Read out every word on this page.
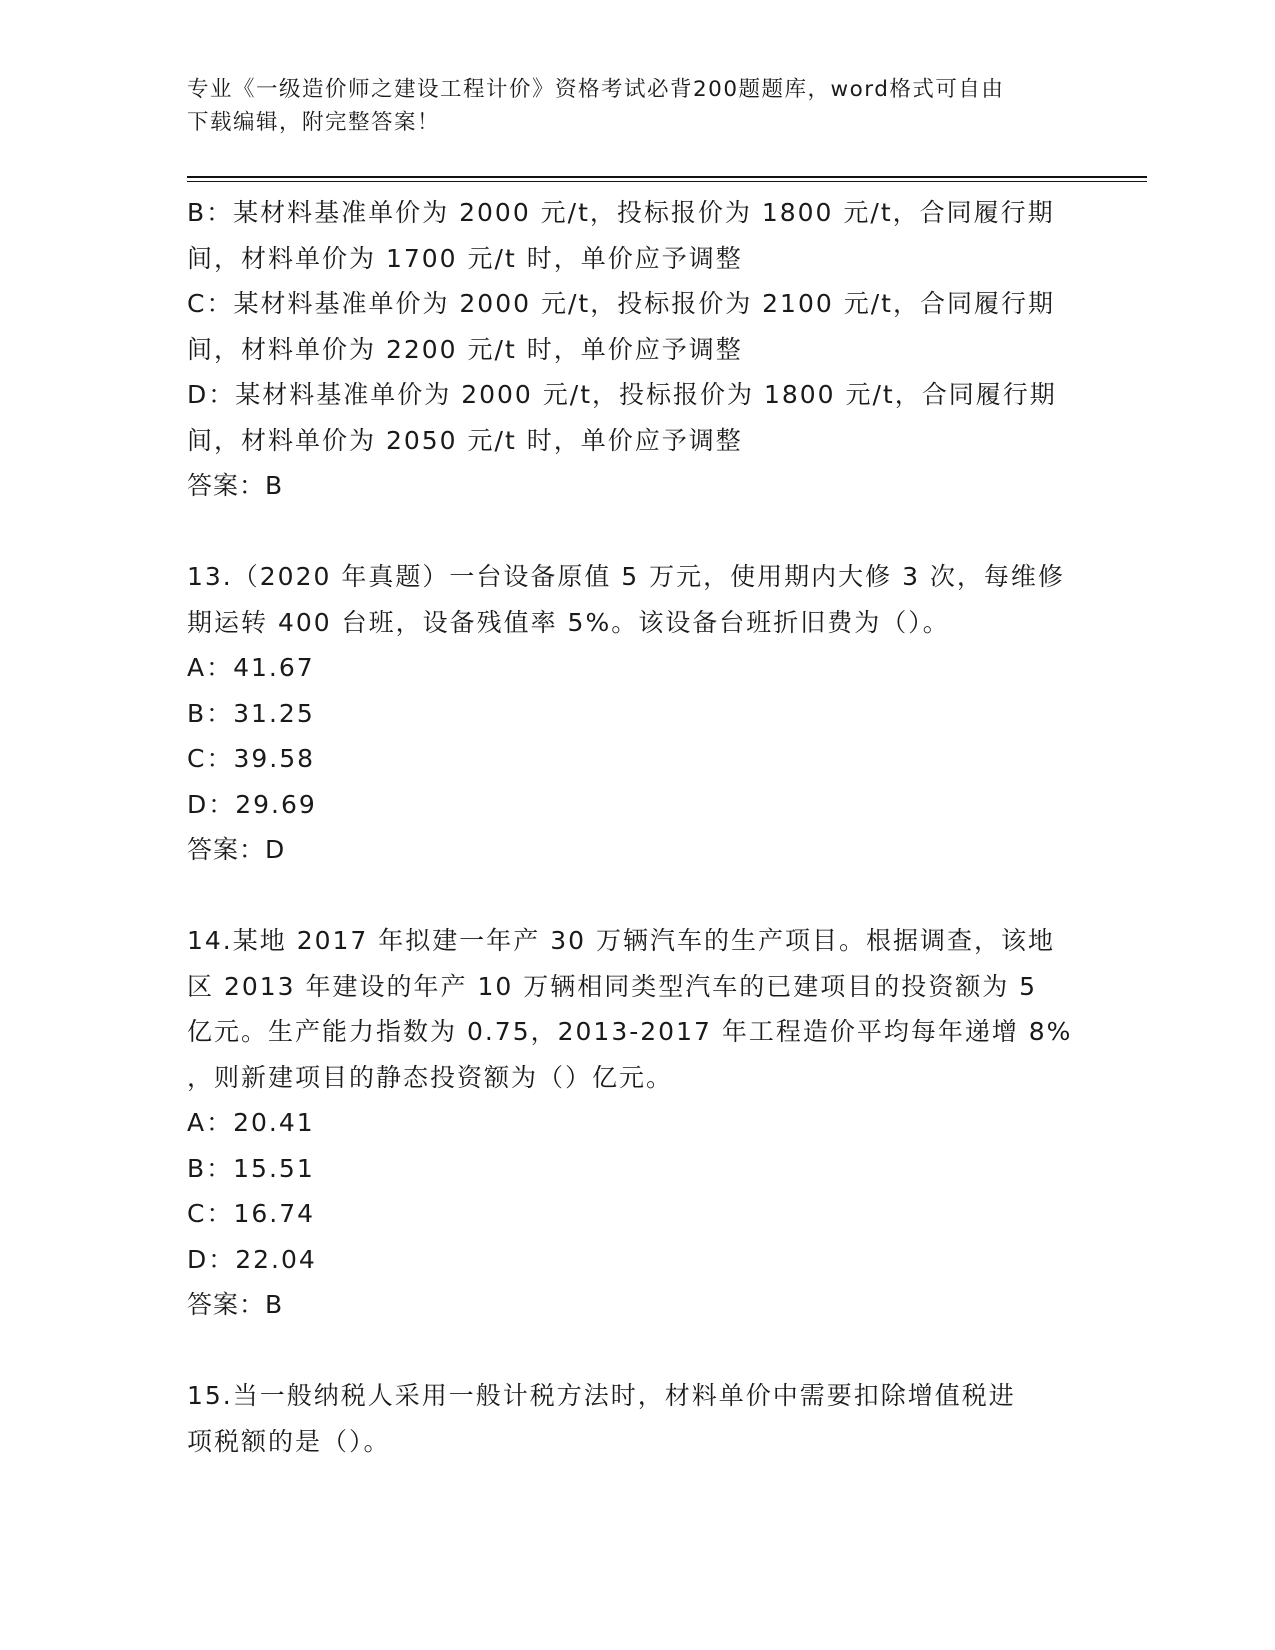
专业《一级造价师之建设工程计价》资格考试必背200题题库，word格式可自由
下载编辑，附完整答案！
B：某材料基准单价为 2000 元/t，投标报价为 1800 元/t，合同履行期
间，材料单价为 1700 元/t 时，单价应予调整
C：某材料基准单价为 2000 元/t，投标报价为 2100 元/t，合同履行期
间，材料单价为 2200 元/t 时，单价应予调整
D：某材料基准单价为 2000 元/t，投标报价为 1800 元/t，合同履行期
间，材料单价为 2050 元/t 时，单价应予调整
答案：B
13.（2020 年真题）一台设备原值 5 万元，使用期内大修 3 次，每维修
期运转 400 台班，设备残值率 5%。该设备台班折旧费为（）。
A：41.67
B：31.25
C：39.58
D：29.69
答案：D
14.某地 2017 年拟建一年产 30 万辆汽车的生产项目。根据调查，该地
区 2013 年建设的年产 10 万辆相同类型汽车的已建项目的投资额为 5
亿元。生产能力指数为 0.75，2013-2017 年工程造价平均每年递增 8%
，则新建项目的静态投资额为（）亿元。
A：20.41
B：15.51
C：16.74
D：22.04
答案：B
15.当一般纳税人采用一般计税方法时，材料单价中需要扣除增值税进
项税额的是（）。
